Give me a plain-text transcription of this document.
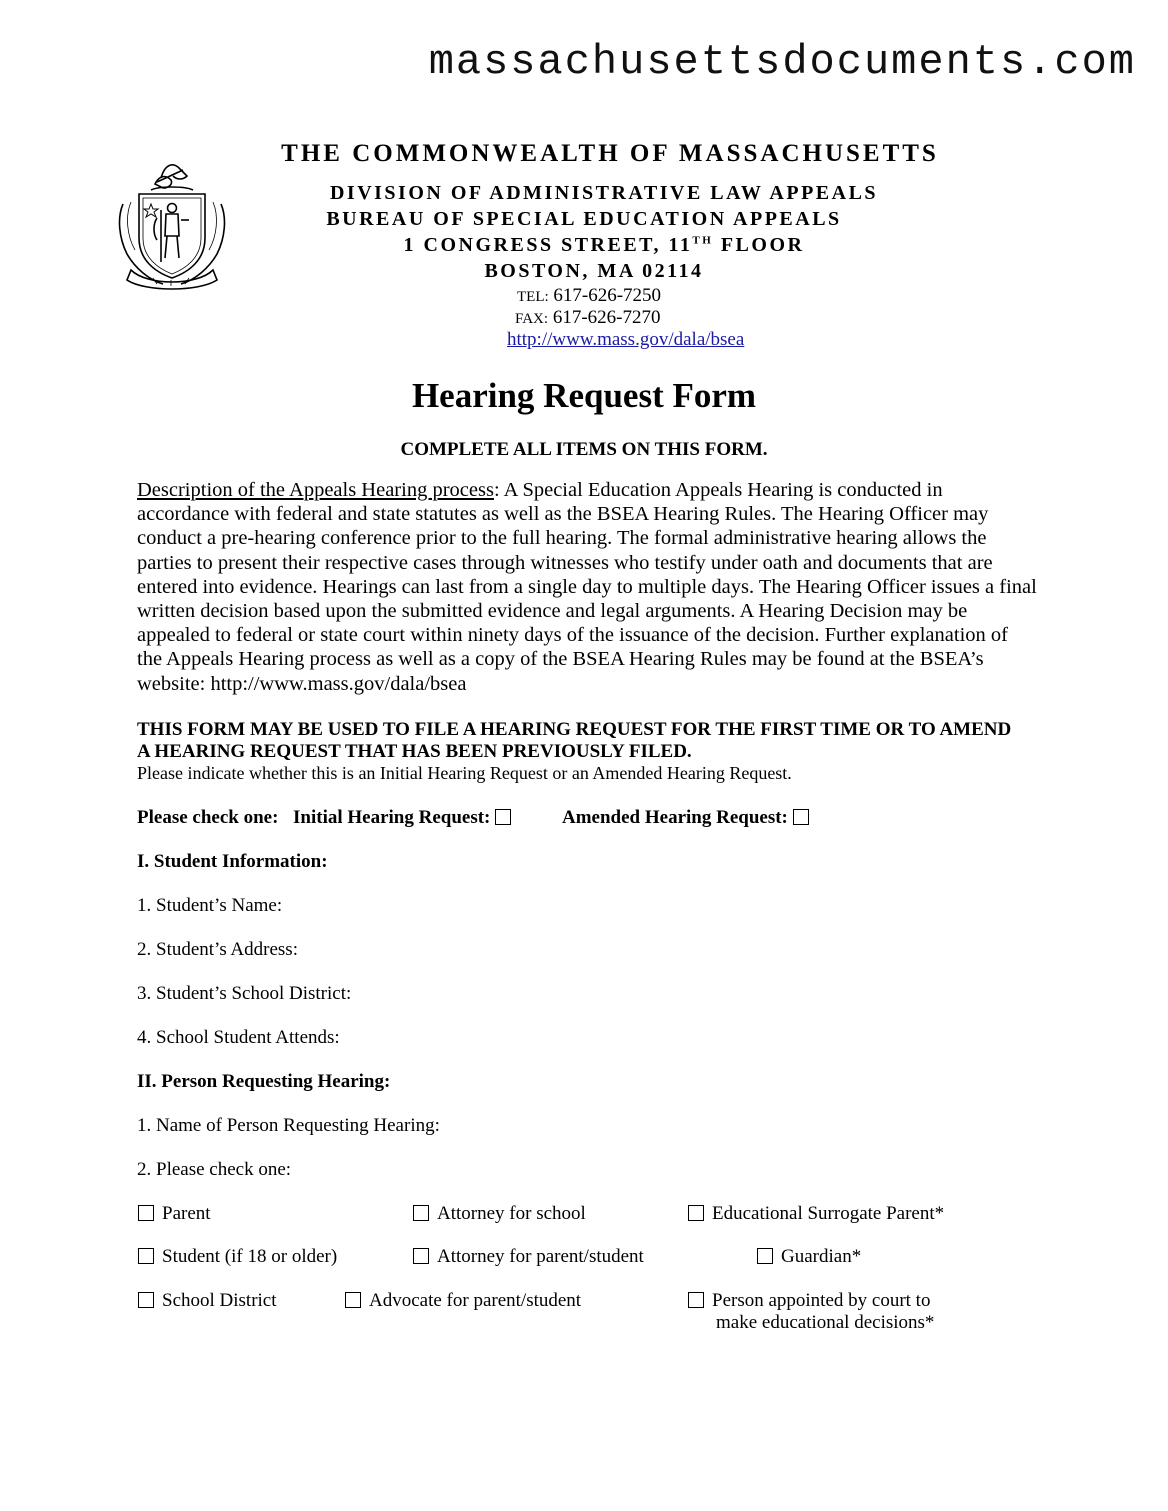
massachusettsdocuments.com
THE COMMONWEALTH OF MASSACHUSETTS
DIVISION OF ADMINISTRATIVE LAW APPEALS
BUREAU OF SPECIAL EDUCATION APPEALS
1 CONGRESS STREET, 11TH FLOOR
BOSTON, MA 02114
TEL: 617-626-7250
FAX: 617-626-7270
http://www.mass.gov/dala/bsea
Hearing Request Form
COMPLETE ALL ITEMS ON THIS FORM.
Description of the Appeals Hearing process: A Special Education Appeals Hearing is conducted in accordance with federal and state statutes as well as the BSEA Hearing Rules. The Hearing Officer may conduct a pre-hearing conference prior to the full hearing. The formal administrative hearing allows the parties to present their respective cases through witnesses who testify under oath and documents that are entered into evidence. Hearings can last from a single day to multiple days. The Hearing Officer issues a final written decision based upon the submitted evidence and legal arguments. A Hearing Decision may be appealed to federal or state court within ninety days of the issuance of the decision. Further explanation of the Appeals Hearing process as well as a copy of the BSEA Hearing Rules may be found at the BSEA’s website: http://www.mass.gov/dala/bsea
THIS FORM MAY BE USED TO FILE A HEARING REQUEST FOR THE FIRST TIME OR TO AMEND
A HEARING REQUEST THAT HAS BEEN PREVIOUSLY FILED.
Please indicate whether this is an Initial Hearing Request or an Amended Hearing Request.
Please check one: Initial Hearing Request:	Amended Hearing Request:
I. Student Information:
1. Student’s Name:
2. Student’s Address:
3. Student’s School District:
4. School Student Attends:
II. Person Requesting Hearing:
1. Name of Person Requesting Hearing:
2. Please check one:
Parent	Attorney for school	Educational Surrogate Parent*
Student (if 18 or older)	Attorney for parent/student	Guardian*
School District	Advocate for parent/student	Person appointed by court to
make educational decisions*
